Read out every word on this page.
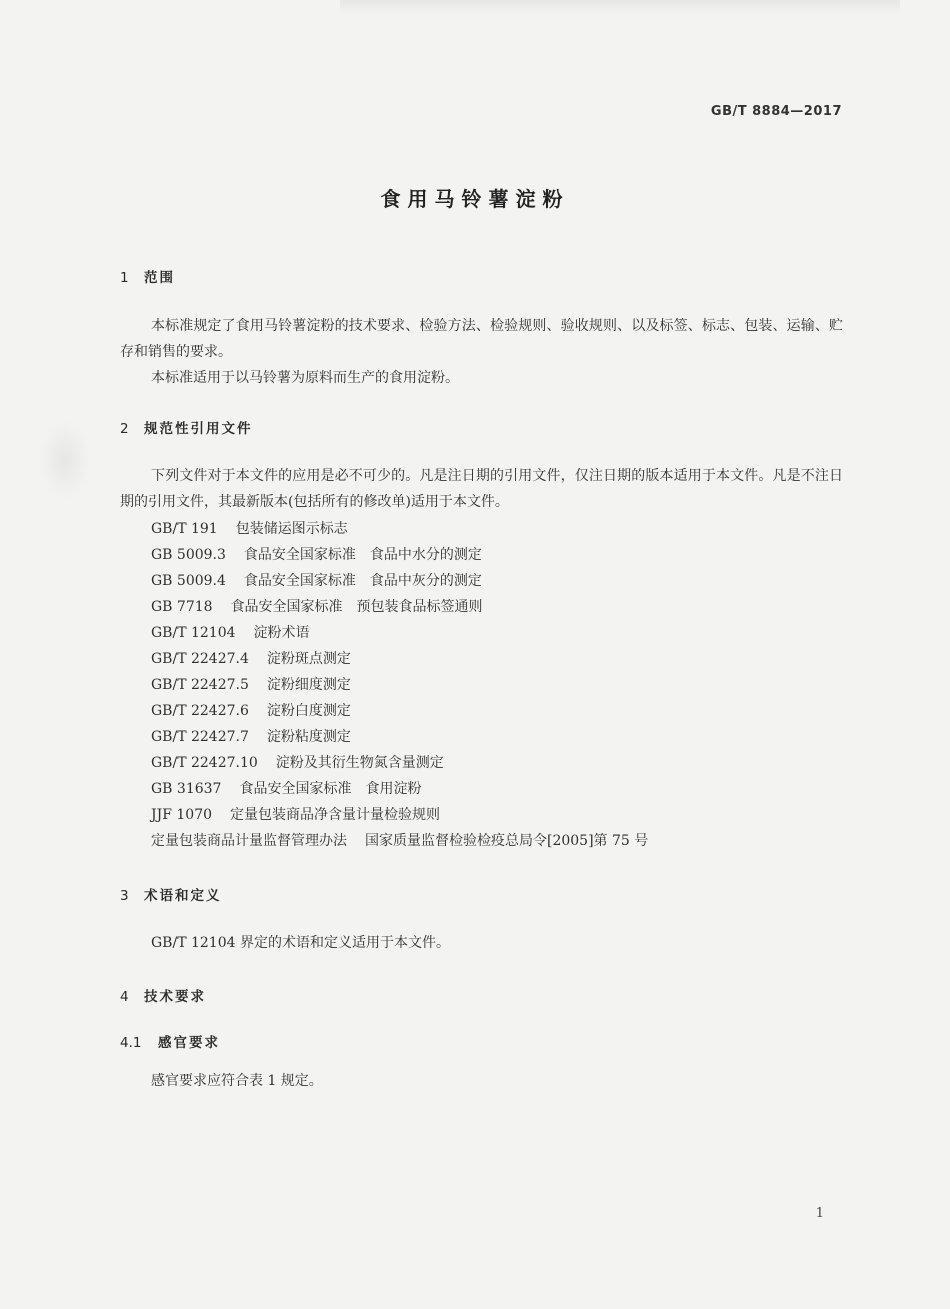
GB/T 8884—2017
食用马铃薯淀粉
1 范围
本标准规定了食用马铃薯淀粉的技术要求、检验方法、检验规则、验收规则、以及标签、标志、包装、运输、贮存和销售的要求。
本标准适用于以马铃薯为原料而生产的食用淀粉。
2 规范性引用文件
下列文件对于本文件的应用是必不可少的。凡是注日期的引用文件，仅注日期的版本适用于本文件。凡是不注日期的引用文件，其最新版本(包括所有的修改单)适用于本文件。
GB/T 191 包装储运图示标志
GB 5009.3 食品安全国家标准　食品中水分的测定
GB 5009.4 食品安全国家标准　食品中灰分的测定
GB 7718 食品安全国家标准　预包装食品标签通则
GB/T 12104 淀粉术语
GB/T 22427.4 淀粉斑点测定
GB/T 22427.5 淀粉细度测定
GB/T 22427.6 淀粉白度测定
GB/T 22427.7 淀粉粘度测定
GB/T 22427.10 淀粉及其衍生物氮含量测定
GB 31637 食品安全国家标准　食用淀粉
JJF 1070 定量包装商品净含量计量检验规则
定量包装商品计量监督管理办法 国家质量监督检验检疫总局令[2005]第 75 号
3 术语和定义
GB/T 12104 界定的术语和定义适用于本文件。
4 技术要求
4.1 感官要求
感官要求应符合表 1 规定。
1
